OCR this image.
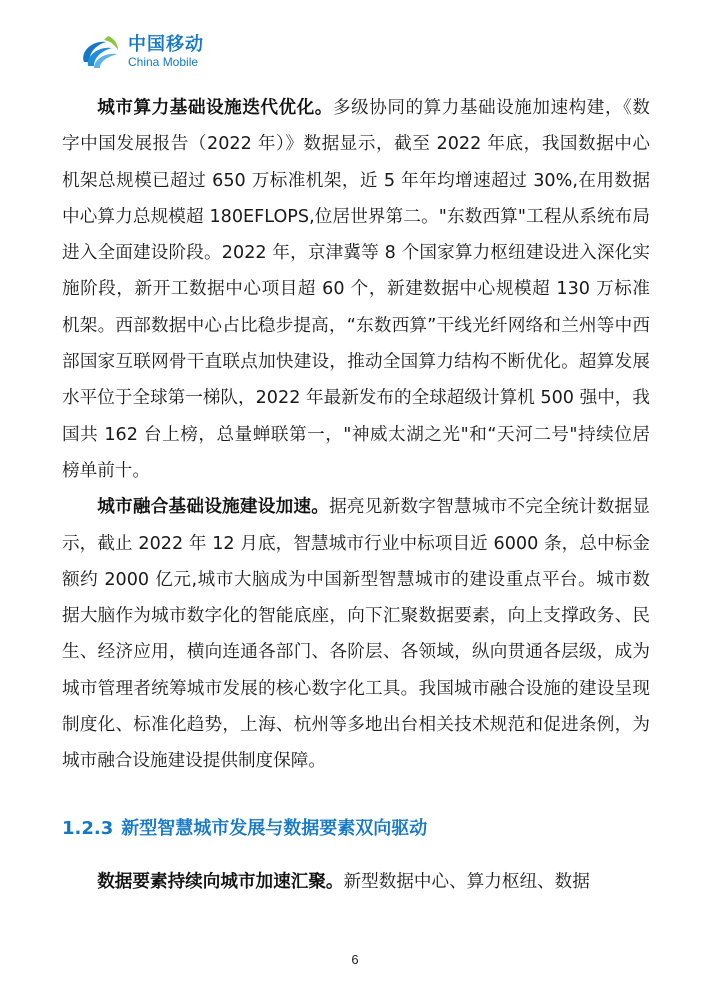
中国移动
China Mobile

城市算力基础设施迭代优化。多级协同的算力基础设施加速构建，《数字中国发展报告（2022 年）》数据显示，截至 2022 年底，我国数据中心机架总规模已超过 650 万标准机架，近 5 年年均增速超过 30%,在用数据中心算力总规模超 180EFLOPS,位居世界第二。"东数西算"工程从系统布局进入全面建设阶段。2022 年，京津冀等 8 个国家算力枢纽建设进入深化实施阶段，新开工数据中心项目超 60 个，新建数据中心规模超 130 万标准机架。西部数据中心占比稳步提高，“东数西算”干线光纤网络和兰州等中西部国家互联网骨干直联点加快建设，推动全国算力结构不断优化。超算发展水平位于全球第一梯队，2022 年最新发布的全球超级计算机 500 强中，我国共 162 台上榜，总量蝉联第一，"神威太湖之光"和“天河二号"持续位居榜单前十。

城市融合基础设施建设加速。据亮见新数字智慧城市不完全统计数据显示，截止 2022 年 12 月底，智慧城市行业中标项目近 6000 条，总中标金额约 2000 亿元,城市大脑成为中国新型智慧城市的建设重点平台。城市数据大脑作为城市数字化的智能底座，向下汇聚数据要素，向上支撑政务、民生、经济应用，横向连通各部门、各阶层、各领域，纵向贯通各层级，成为城市管理者统筹城市发展的核心数字化工具。我国城市融合设施的建设呈现制度化、标准化趋势，上海、杭州等多地出台相关技术规范和促进条例，为城市融合设施建设提供制度保障。

1.2.3 新型智慧城市发展与数据要素双向驱动

数据要素持续向城市加速汇聚。新型数据中心、算力枢纽、数据

6
